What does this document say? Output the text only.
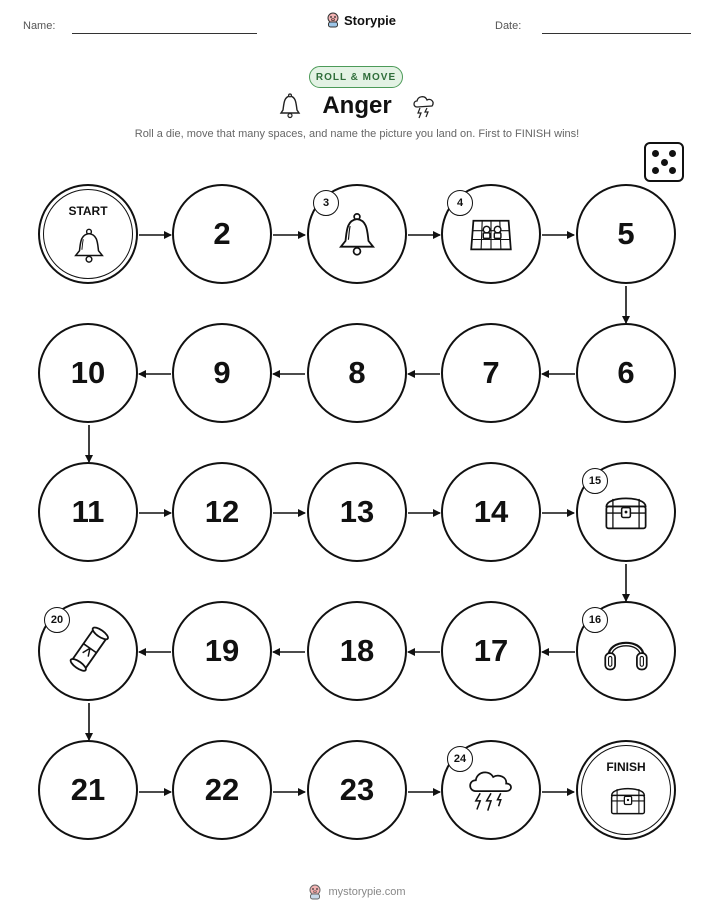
Name:	Storypie	Date:
ROLL & MOVE
Anger
Roll a die, move that many spaces, and name the picture you land on. First to FINISH wins!
START
2
3	4
5
10	9	8	7	6
11	12	13	14
15
20
19	18	17
16
21	22	23
24
FINISH
mystorypie.com
